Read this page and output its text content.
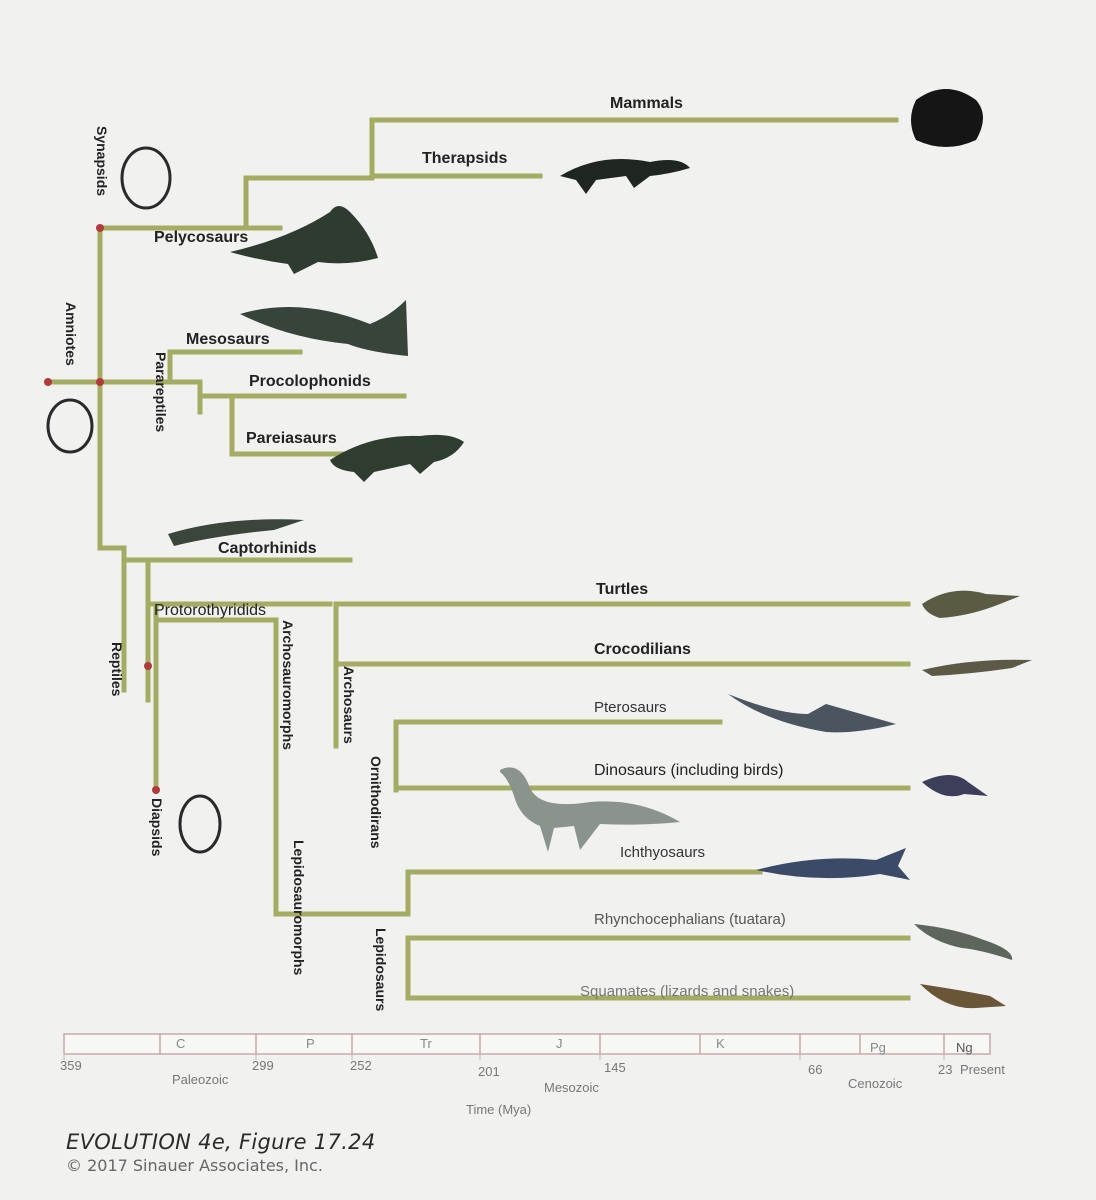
Amniotes
Synapsids
Parareptiles
Reptiles
Diapsids
Archosauromorphs
Lepidosauromorphs
Archosaurs
Ornithodirans
Lepidosaurs
Mammals
Therapsids
Pelycosaurs
Mesosaurs
Procolophonids
Pareiasaurs
Captorhinids
Protorothyridids
Turtles
Crocodilians
Pterosaurs
Dinosaurs (including birds)
Ichthyosaurs
Rhynchocephalians (tuatara)
Squamates (lizards and snakes)
C	P	Tr	J	K	Pg	Ng
359	299	252	201	145	66	23 Present
Paleozoic
Mesozoic	Cenozoic
Time (Mya)
EVOLUTION 4e, Figure 17.24
© 2017 Sinauer Associates, Inc.
